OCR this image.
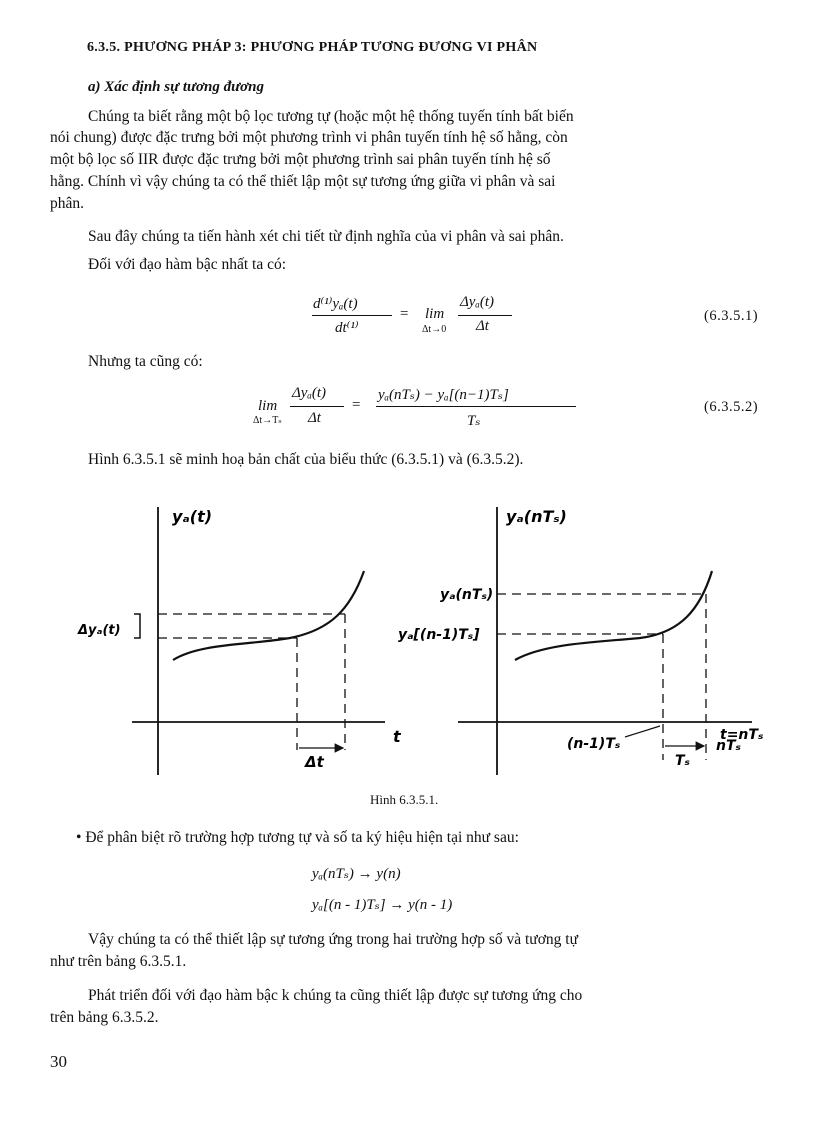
6.3.5. PHƯƠNG PHÁP 3: PHƯƠNG PHÁP TƯƠNG ĐƯƠNG VI PHÂN
a) Xác định sự tương đương
Chúng ta biết rằng một bộ lọc tương tự (hoặc một hệ thống tuyến tính bất biến
nói chung) được đặc trưng bởi một phương trình vi phân tuyến tính hệ số hằng, còn
một bộ lọc số IIR được đặc trưng bởi một phương trình sai phân tuyến tính hệ số
hằng. Chính vì vậy chúng ta có thể thiết lập một sự tương ứng giữa vi phân và sai
phân.
Sau đây chúng ta tiến hành xét chi tiết từ định nghĩa của vi phân và sai phân.
Đối với đạo hàm bậc nhất ta có:
d⁽¹⁾yₐ(t)
dt⁽¹⁾
= lim
Δt→0
Δyₐ(t)
Δt
(6.3.5.1)
Nhưng ta cũng có:
lim
Δt→Tₛ
Δyₐ(t)
Δt
=
yₐ(nTₛ) − yₐ[(n−1)Tₛ]
Tₛ
(6.3.5.2)
Hình 6.3.5.1 sẽ minh hoạ bản chất của biểu thức (6.3.5.1) và (6.3.5.2).
yₐ(t)
Δyₐ(t)
t
Δt
yₐ(nTₛ)
yₐ(nTₛ)
yₐ[(n-1)Tₛ]
t=nTₛ
(n-1)Tₛ	nTₛ
Tₛ
Hình 6.3.5.1.
• Để phân biệt rõ trường hợp tương tự và số ta ký hiệu hiện tại như sau:
yₐ(nTₛ) → y(n)
yₐ[(n - 1)Tₛ] → y(n - 1)
Vậy chúng ta có thể thiết lập sự tương ứng trong hai trường hợp số và tương tự
như trên bảng 6.3.5.1.
Phát triển đối với đạo hàm bậc k chúng ta cũng thiết lập được sự tương ứng cho
trên bảng 6.3.5.2.
30
